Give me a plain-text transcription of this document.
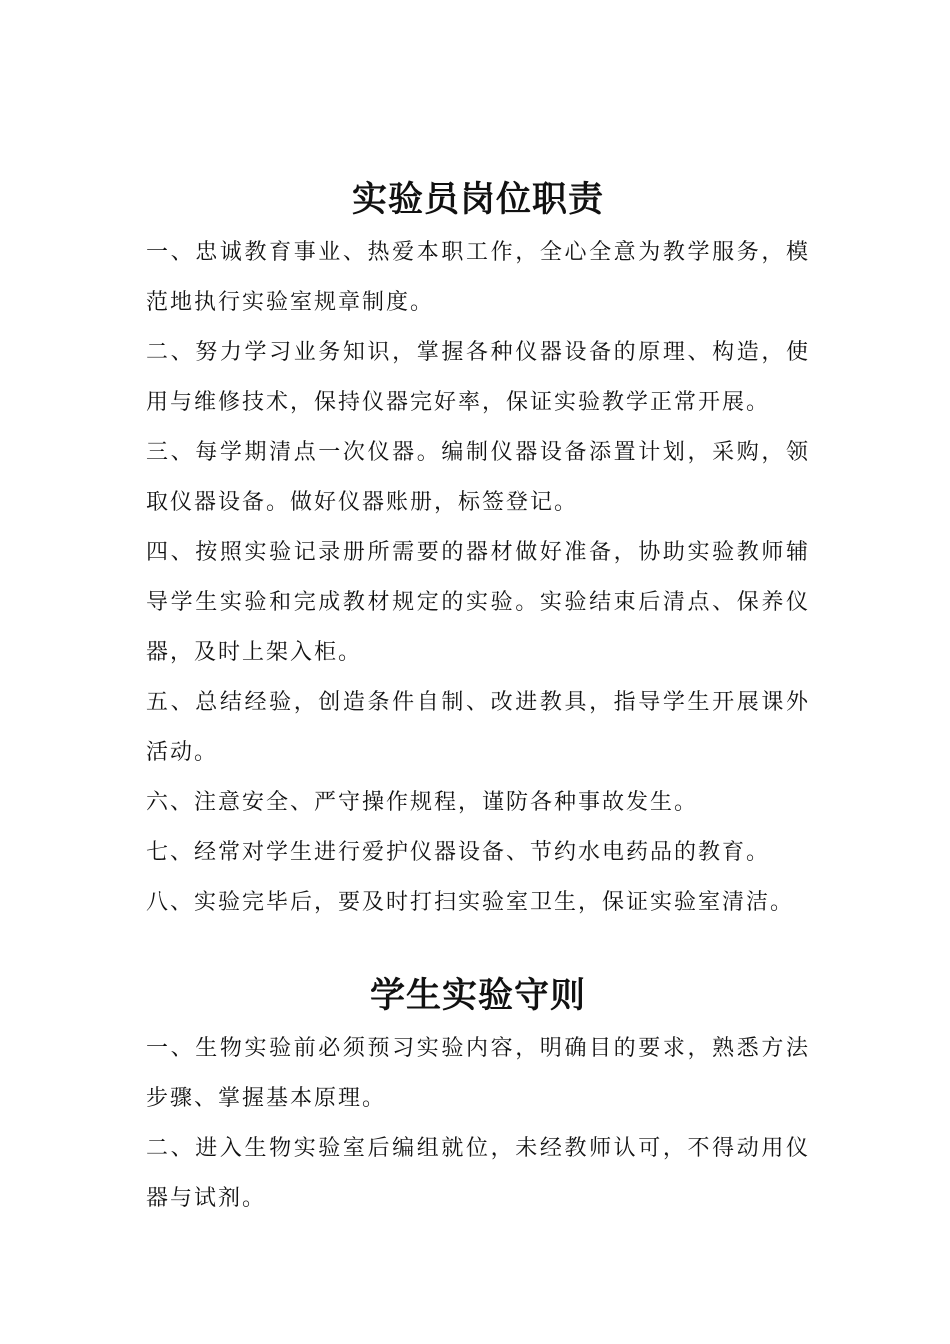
实验员岗位职责
一、忠诚教育事业、热爱本职工作，全心全意为教学服务，模范地执行实验室规章制度。
二、努力学习业务知识，掌握各种仪器设备的原理、构造，使用与维修技术，保持仪器完好率，保证实验教学正常开展。
三、每学期清点一次仪器。编制仪器设备添置计划，采购，领取仪器设备。做好仪器账册，标签登记。
四、按照实验记录册所需要的器材做好准备，协助实验教师辅导学生实验和完成教材规定的实验。实验结束后清点、保养仪器，及时上架入柜。
五、总结经验，创造条件自制、改进教具，指导学生开展课外活动。
六、注意安全、严守操作规程，谨防各种事故发生。
七、经常对学生进行爱护仪器设备、节约水电药品的教育。
八、实验完毕后，要及时打扫实验室卫生，保证实验室清洁。
学生实验守则
一、生物实验前必须预习实验内容，明确目的要求，熟悉方法步骤、掌握基本原理。
二、进入生物实验室后编组就位，未经教师认可，不得动用仪器与试剂。
